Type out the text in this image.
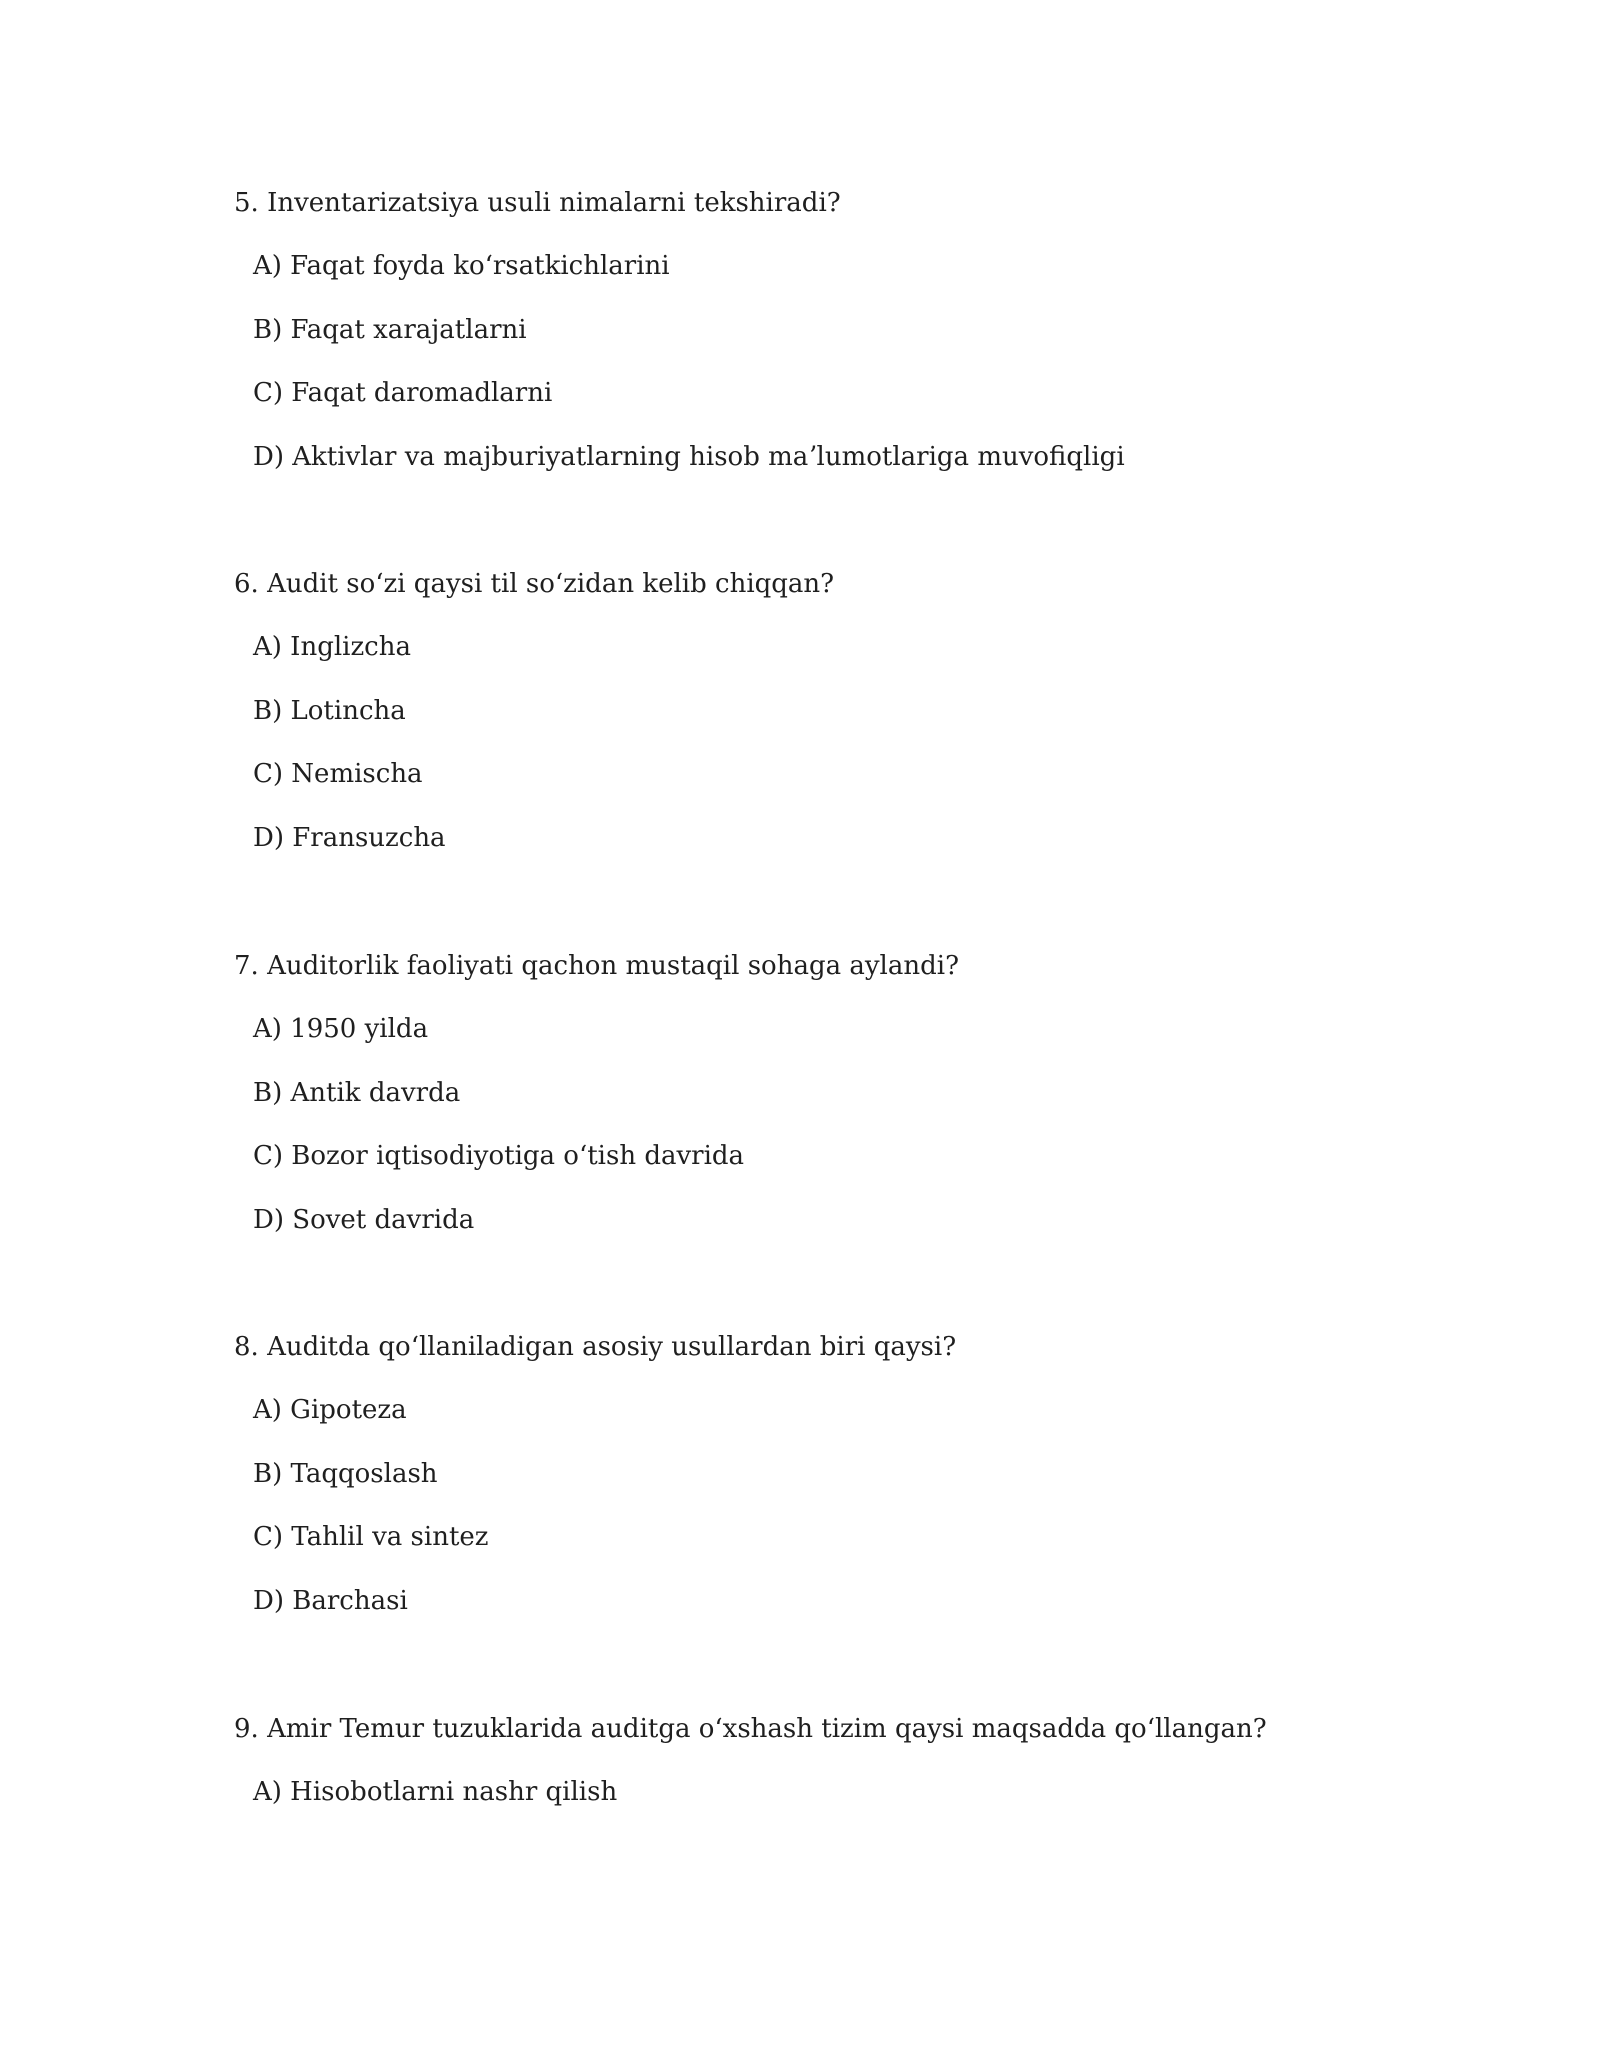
5. Inventarizatsiya usuli nimalarni tekshiradi?
A) Faqat foyda koʻrsatkichlarini
B) Faqat xarajatlarni
C) Faqat daromadlarni
D) Aktivlar va majburiyatlarning hisob maʼlumotlariga muvofiqligi
6. Audit soʻzi qaysi til soʻzidan kelib chiqqan?
A) Inglizcha
B) Lotincha
C) Nemischa
D) Fransuzcha
7. Auditorlik faoliyati qachon mustaqil sohaga aylandi?
A) 1950 yilda
B) Antik davrda
C) Bozor iqtisodiyotiga oʻtish davrida
D) Sovet davrida
8. Auditda qoʻllaniladigan asosiy usullardan biri qaysi?
A) Gipoteza
B) Taqqoslash
C) Tahlil va sintez
D) Barchasi
9. Amir Temur tuzuklarida auditga oʻxshash tizim qaysi maqsadda qoʻllangan?
A) Hisobotlarni nashr qilish
